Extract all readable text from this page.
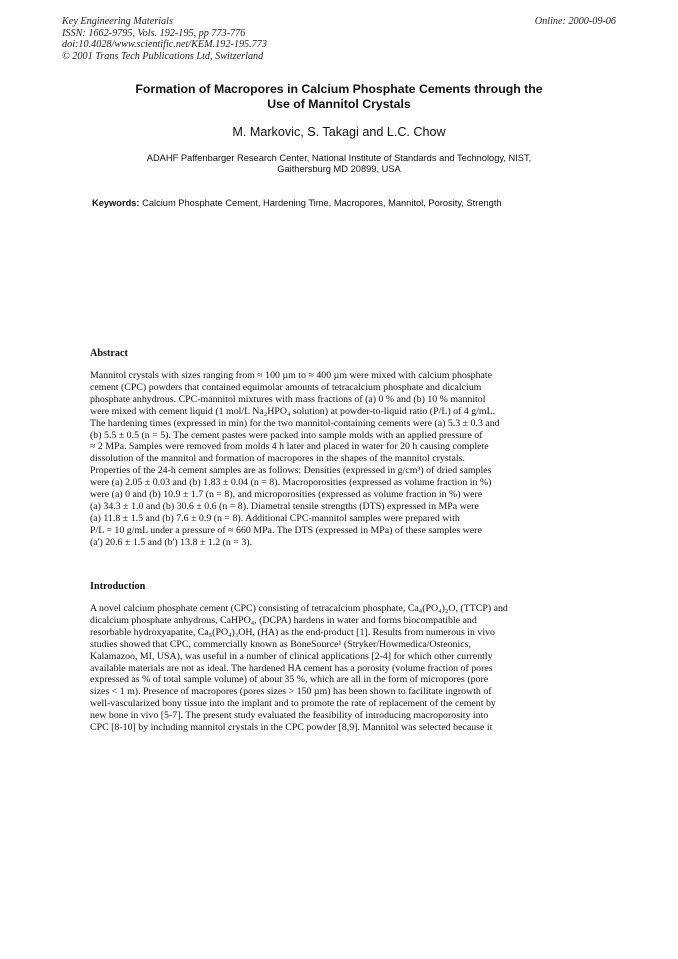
Key Engineering Materials
ISSN: 1662-9795, Vols. 192-195, pp 773-776
doi:10.4028/www.scientific.net/KEM.192-195.773
© 2001 Trans Tech Publications Ltd, Switzerland
Online: 2000-09-06
Formation of Macropores in Calcium Phosphate Cements through the
Use of Mannitol Crystals
M. Markovic, S. Takagi and L.C. Chow
ADAHF Paffenbarger Research Center, National Institute of Standards and Technology, NIST,
Gaithersburg MD 20899, USA
Keywords: Calcium Phosphate Cement, Hardening Time, Macropores, Mannitol, Porosity, Strength
Abstract

Mannitol crystals with sizes ranging from ≈ 100 µm to ≈ 400 µm were mixed with calcium phosphate
cement (CPC) powders that contained equimolar amounts of tetracalcium phosphate and dicalcium
phosphate anhydrous. CPC-mannitol mixtures with mass fractions of (a) 0 % and (b) 10 % mannitol
were mixed with cement liquid (1 mol/L Na₂HPO₄ solution) at powder-to-liquid ratio (P/L) of 4 g/mL.
The hardening times (expressed in min) for the two mannitol-containing cements were (a) 5.3 ± 0.3 and
(b) 5.5 ± 0.5 (n = 5). The cement pastes were packed into sample molds with an applied pressure of
≈ 2 MPa. Samples were removed from molds 4 h later and placed in water for 20 h causing complete
dissolution of the mannitol and formation of macropores in the shapes of the mannitol crystals.
Properties of the 24-h cement samples are as follows: Densities (expressed in g/cm³) of dried samples
were (a) 2.05 ± 0.03 and (b) 1.83 ± 0.04 (n = 8). Macroporosities (expressed as volume fraction in %)
were (a) 0 and (b) 10.9 ± 1.7 (n = 8), and microporosities (expressed as volume fraction in %) were
(a) 34.3 ± 1.0 and (b) 30.6 ± 0.6 (n = 8). Diametral tensile strengths (DTS) expressed in MPa were
(a) 11.8 ± 1.5 and (b) 7.6 ± 0.9 (n = 8). Additional CPC-mannitol samples were prepared with
P/L = 10 g/mL under a pressure of ≈ 660 MPa. The DTS (expressed in MPa) of these samples were
(a') 20.6 ± 1.5 and (b') 13.8 ± 1.2 (n = 3).

Introduction

A novel calcium phosphate cement (CPC) consisting of tetracalcium phosphate, Ca₄(PO₄)₂O, (TTCP) and
dicalcium phosphate anhydrous, CaHPO₄, (DCPA) hardens in water and forms biocompatible and
resorbable hydroxyapatite, Ca₅(PO₄)₃OH, (HA) as the end-product [1]. Results from numerous in vivo
studies showed that CPC, commercially known as BoneSource¹ (Stryker/Howmedica/Osteonics,
Kalamazoo, MI, USA), was useful in a number of clinical applications [2-4] for which other currently
available materials are not as ideal. The hardened HA cement has a porosity (volume fraction of pores
expressed as % of total sample volume) of about 35 %, which are all in the form of micropores (pore
sizes < 1 m). Presence of macropores (pores sizes > 150 µm) has been shown to facilitate ingrowth of
well-vascularized bony tissue into the implant and to promote the rate of replacement of the cement by
new bone in vivo [5-7]. The present study evaluated the feasibility of introducing macroporosity into
CPC [8-10] by including mannitol crystals in the CPC powder [8,9]. Mannitol was selected because it
